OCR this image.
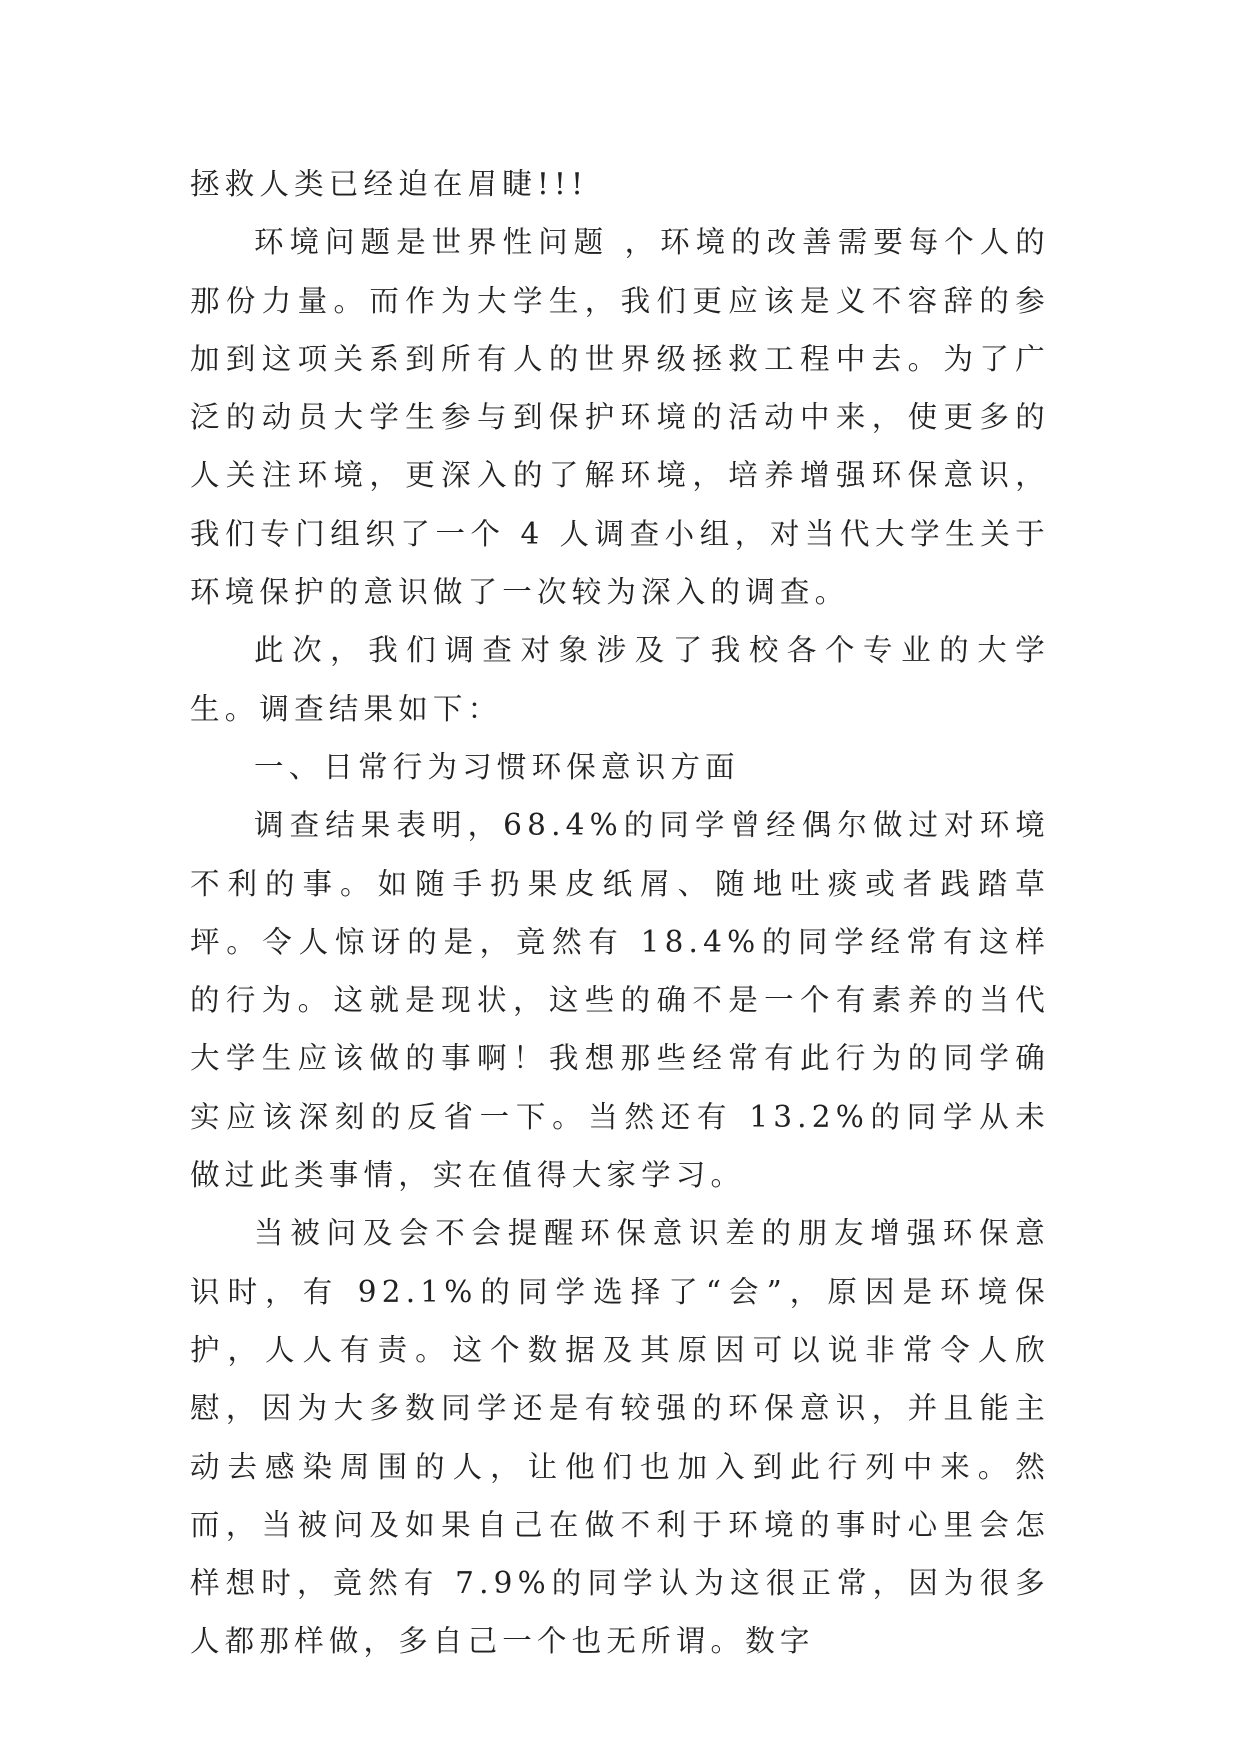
拯救人类已经迫在眉睫!!!

环境问题是世界性问题 ，环境的改善需要每个人的那份力量。而作为大学生，我们更应该是义不容辞的参加到这项关系到所有人的世界级拯救工程中去。为了广泛的动员大学生参与到保护环境的活动中来，使更多的人关注环境，更深入的了解环境，培养增强环保意识，我们专门组织了一个 4 人调查小组，对当代大学生关于环境保护的意识做了一次较为深入的调查。

此次，我们调查对象涉及了我校各个专业的大学生。调查结果如下：

一、日常行为习惯环保意识方面

调查结果表明，68.4%的同学曾经偶尔做过对环境不利的事。如随手扔果皮纸屑、随地吐痰或者践踏草坪。令人惊讶的是，竟然有 18.4%的同学经常有这样的行为。这就是现状，这些的确不是一个有素养的当代大学生应该做的事啊！我想那些经常有此行为的同学确实应该深刻的反省一下。当然还有 13.2%的同学从未做过此类事情，实在值得大家学习。

当被问及会不会提醒环保意识差的朋友增强环保意识时，有 92.1%的同学选择了“会”，原因是环境保护，人人有责。这个数据及其原因可以说非常令人欣慰，因为大多数同学还是有较强的环保意识，并且能主动去感染周围的人，让他们也加入到此行列中来。然而，当被问及如果自己在做不利于环境的事时心里会怎样想时，竟然有 7.9%的同学认为这很正常，因为很多人都那样做，多自己一个也无所谓。数字
